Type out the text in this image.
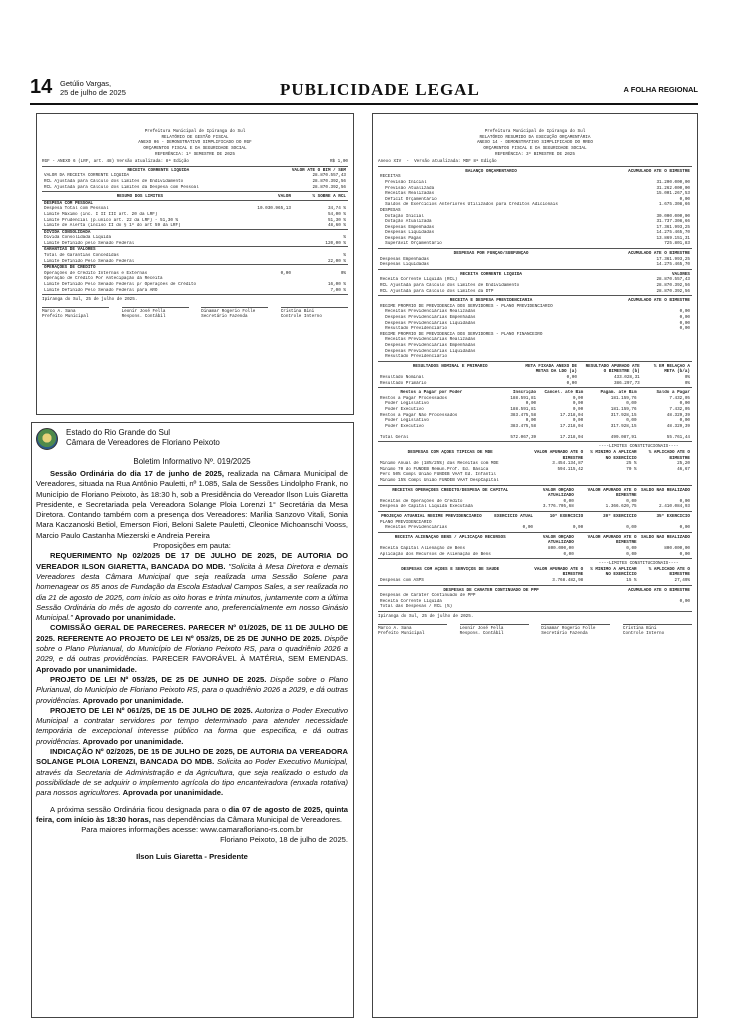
14 Getúlio Vargas,
25 de julho de 2025	PUBLICIDADE LEGAL	A FOLHA REGIONAL

Prefeitura Municipal de Ipiranga do Sul
RELATÓRIO DE GESTÃO FISCAL
ANEXO 06 - DEMONSTRATIVO SIMPLIFICADO DO RGF
ORÇAMENTOS FISCAL E DA SEGURIDADE SOCIAL
REFERÊNCIA: 1º SEMESTRE DE 2025
RGF - ANEXO 6 (LRF, art. 48) Versão atualizada: 8ª Edição	R$ 1,00
RECEITA CORRENTE LÍQUIDA	VALOR ATÉ O BIM / SEM
VALOR DA RECEITA CORRENTE LIQUIDA	28.870.557,43
RCL Ajustada para Cálculo dos Limites de Endividamento	28.870.392,56
RCL Ajustada para Cálculo dos Limites da Despesa com Pessoal	28.870.392,56
RESUMO DOS LIMITES	VALOR	% SOBRE A RCL
DESPESA COM PESSOAL		
Despesa Total com Pessoal	10.030.965,13	34,74 %
Limite Máximo (inc. I II III art. 20 da LRF)		54,00 %
Limite Prudencial (p.único art. 22 da LRF) - 51,30 %		51,30 %
Limite de Alerta (inciso II do § 1º do art 59 da LRF)		48,60 %
DÍVIDA CONSOLIDADA		
Dívida Consolidada Líquida		%
Limite Definido pelo Senado Federal		120,00 %
GARANTIAS DE VALORES		
Total de Garantias Concedidas		%
Limite Definido Pelo Senado Federal		22,00 %
OPERAÇÕES DE CRÉDITO		
Operações de Crédito Internas e Externas	0,00	0%
Operação de Crédito Por Antecipação da Receita		
Limite Definido Pelo Senado Federal p/ Operações de Crédito		16,00 %
Limite Definido Pelo Senado Federal para ARO		7,00 %
Ipiranga do Sul, 25 de julho de 2025.
Marco A. Sana
Prefeito Municipal
Leonir José Fella
Respons. Contábil
Dinamar Rogerio Folle
Secretário Fazenda
Cristina Bini
Controle Interno

Estado do Rio Grande do Sul
Câmara de Vereadores de Floriano Peixoto
Boletim Informativo Nº. 019/2025

Sessão Ordinária do dia 17 de junho de 2025, realizada na Câmara Municipal de Vereadores, situada na Rua Antônio Pauletti, nº 1.085, Sala de Sessões Lindolpho Frank, no Município de Floriano Peixoto, às 18:30 h, sob a Presidência do Vereador Ilson Luis Giaretta Presidente, e Secretariada pela Vereadora Solange Ploia Lorenzi 1° Secretária da Mesa Diretora. Contando também com a presença dos Vereadores: Marilia Sanzovo Vitali, Sonia Mara Kaczanoski Betiol, Emerson Fiori, Beloni Salete Pauletti, Cleonice Michoanschi Vooss, Marcio Paulo Castanha Miezerski e Andreia Pereira

Proposições em pauta:

REQUERIMENTO Np 02/2025 DE 17 DE JULHO DE 2025, DE AUTORIA DO VEREADOR ILSON GIARETTA, BANCADA DO MDB. "Solicita à Mesa Diretora e demais Vereadores desta Câmara Municipal que seja realizada uma Sessão Solene para homenagear os 85 anos de Fundação da Escola Estadual Campos Sales, a ser realizada no dia 21 de agosto de 2025, com início as oito horas e trinta minutos, juntamente com a última Sessão Ordinária do mês de agosto do corrente ano, preferencialmente em nosso Ginásio Municipal." Aprovado por unanimidade.

COMISSÃO GERAL DE PARECERES. PARECER Nº 01/2025, DE 11 DE JULHO DE 2025. REFERENTE AO PROJETO DE LEI Nº 053/25, DE 25 DE JUNHO DE 2025. Dispõe sobre o Plano Plurianual, do Município de Floriano Peixoto RS, para o quadriênio 2026 a 2029, e dá outras providências. PARECER FAVORÁVEL À MATÉRIA, SEM EMENDAS. Aprovado por unanimidade.

PROJETO DE LEI Nº 053/25, DE 25 DE JUNHO DE 2025. Dispõe sobre o Plano Plurianual, do Município de Floriano Peixoto RS, para o quadriênio 2026 a 2029, e dá outras providências. Aprovado por unanimidade.

PROJETO DE LEI Nº 061/25, DE 15 DE JULHO DE 2025. Autoriza o Poder Executivo Municipal a contratar servidores por tempo determinado para atender necessidade temporária de excepcional interesse público na forma que especifica, e dá outras providências. Aprovado por unanimidade.

INDICAÇÃO Nº 02/2025, DE 15 DE JULHO DE 2025, DE AUTORIA DA VEREADORA SOLANGE PLOIA LORENZI, BANCADA DO MDB. Solicita ao Poder Executivo Municipal, através da Secretaria de Administração e da Agricultura, que seja realizado o estudo da possibilidade de se adquirir o implemento agrícola do tipo encanteiradora (enxada rotativa) para nossos agricultores. Aprovada por unanimidade.

A próxima sessão Ordinária ficou designada para o dia 07 de agosto de 2025, quinta feira, com início às 18:30 horas, nas dependências da Câmara Municipal de Vereadores.

Para maiores informações acesse: www.camarafloriano-rs.com.br

Floriano Peixoto, 18 de julho de 2025.

Ilson Luis Giaretta - Presidente

Prefeitura Municipal de Ipiranga do Sul
RELATÓRIO RESUMIDO DA EXECUÇÃO ORÇAMENTÁRIA
ANEXO 14 - DEMONSTRATIVO SIMPLIFICADO DO RREO
ORÇAMENTOS FISCAL E DA SEGURIDADE SOCIAL
REFERÊNCIA: 3º BIMESTRE DE 2025
Anexo XIV  -  Versão atualizada: MDF 8ª Edição
BALANÇO ORÇAMENTÁRIO	ACUMULADO ATÉ O BIMESTRE
RECEITAS	
Previsão Inicial	31.200.000,00
Previsão Atualizada	31.262.000,00
Receitas Realizadas	15.001.267,53
Déficit Orçamentário	0,00

Saldos de Exercícios Anteriores Utilizados para Créditos Adicionais	1.675.308,66
DESPESAS	
Dotação Inicial	30.000.000,00
Dotação Atualizada	31.737.308,66
Despesas Empenhadas	17.361.993,25
Despesas Liquidadas	14.275.465,70
Despesas Pagas	13.869.151,31
Superávit Orçamentário	725.801,83
DESPESAS POR FUNÇÃO/SUBFUNÇÃO	ACUMULADO ATÉ O BIMESTRE
Despesas Empenhadas	17.361.993,25
Despesas Liquidadas	14.275.465,70
RECEITA CORRENTE LÍQUIDA	VALORES
Receita Corrente Líquida (RCL)	28.870.557,43
RCL Ajustada para Cálculo dos Limites de Endividamento	28.870.392,56
RCL Ajustada para Cálculo dos Limites da DTP	28.870.392,56
RECEITA E DESPESA PREVIDENCIÁRIA	ACUMULADO ATÉ O BIMESTRE
REGIME PRÓPRIO DE PREVIDÊNCIA DOS SERVIDORES - PLANO PREVIDENCIÁRIO	
Receitas Previdenciárias Realizadas	0,00
Despesas Previdenciárias Empenhadas	0,00
Despesas Previdenciárias Liquidadas	0,00
Resultado Previdenciário	0,00
REGIME PRÓPRIO DE PREVIDÊNCIA DOS SERVIDORES - PLANO FINANCEIRO	
Receitas Previdenciárias Realizadas	
Despesas Previdenciárias Empenhadas	
Despesas Previdenciárias Liquidadas	
Resultado Previdenciário	
RESULTADOS NOMINAL E PRIMÁRIO	META FIXADA ANEXO DE METAS DA LDO (a)	RESULTADO APURADO ATÉ O BIMESTRE (b)	% EM RELAÇÃO À META (b/a)
Resultado Nominal	0,00	433.028,31	0%
Resultado Primário	0,00	386.297,73	0%
Restos a Pagar por Poder	Inscrição	Cancel. até Bim	Pagam. até Bim	Saldo a Pagar
Restos a Pagar Processados	188.591,81	0,00	181.159,76	7.432,05
Poder Legislativo	0,00	0,00	0,00	0,00
Poder Executivo	188.591,81	0,00	181.159,76	7.432,05
Restos a Pagar Não Processados	383.475,58	17.218,04	317.928,15	48.329,39
Poder Legislativo	0,00	0,00	0,00	0,00
Poder Executivo	383.475,58	17.218,04	317.928,15	48.329,39

Total Geral	572.067,39	17.218,04	499.087,91	55.761,44
		----LIMITES CONSTITUCIONAIS----	
DESPESAS COM AÇÕES TÍPICAS DE MDE	VALOR APURADO ATÉ O BIMESTRE	% MÍNIMO A APLICAR NO EXERCÍCIO	% APLICADO ATÉ O BIMESTRE
Mínimo Anual de (18%/25%) das Receitas com MDE	3.454.134,87	25 %	25,20
Mínimo 70 do FUNDEB Remun.Prof. Ed. Básica	594.115,42	70 %	46,67
Perc 50% Compl União FUNDEB VAAT Ed. Infantil			
Mínimo 15% Compl União FUNDEB VAAT DespCapital			
RECEITAS OPERAÇÕES CRÉDITO/DESPESA DE CAPITAL	VALOR ORÇADO ATUALIZADO	VALOR APURADO ATÉ O BIMESTRE	SALDO NÃO REALIZADO
Receitas de Operações de Crédito	0,00	0,00	0,00
Despesa de Capital Líquida Executada	3.776.705,68	1.366.620,75	2.410.084,93
PROJEÇÃO ATUARIAL REGIME PREVIDENCIÁRIO	EXERCÍCIO ATUAL	10º EXERCÍCIO	20º EXERCÍCIO	35º EXERCÍCIO
PLANO PREVIDENCIÁRIO				
Receitas Previdenciárias	0,00	0,00	0,00	0,00
RECEITA ALIENAÇÃO BENS / APLICAÇÃO RECURSOS	VALOR ORÇADO ATUALIZADO	VALOR APURADO ATÉ O BIMESTRE	SALDO NÃO REALIZADO
Receita Capital Alienação de Bens	800.000,00	0,00	800.000,00
Aplicação dos Recursos de Alienação de Bens	0,00	0,00	0,00
		----LIMITES CONSTITUCIONAIS----	
DESPESAS COM AÇÕES E SERVIÇOS DE SAÚDE	VALOR APURADO ATÉ O BIMESTRE	% MÍNIMO A APLICAR NO EXERCÍCIO	% APLICADO ATÉ O BIMESTRE
Despesas com ASPS	3.768.482,98	15 %	27,49%
DESPESAS DE CARÁTER CONTINUADO DE PPP	ACUMULADO ATÉ O BIMESTRE
Despesas de Caráter Continuado de PPP	
Receita Corrente Líquida	0,00
Total das Despesas / RCL (%)	
Ipiranga do Sul, 25 de julho de 2025.
Marco A. Sana
Prefeito Municipal
Leonir José Fella
Respons. Contábil
Dinamar Rogerio Folle
Secretário Fazenda
Cristina Bini
Controle Interno
